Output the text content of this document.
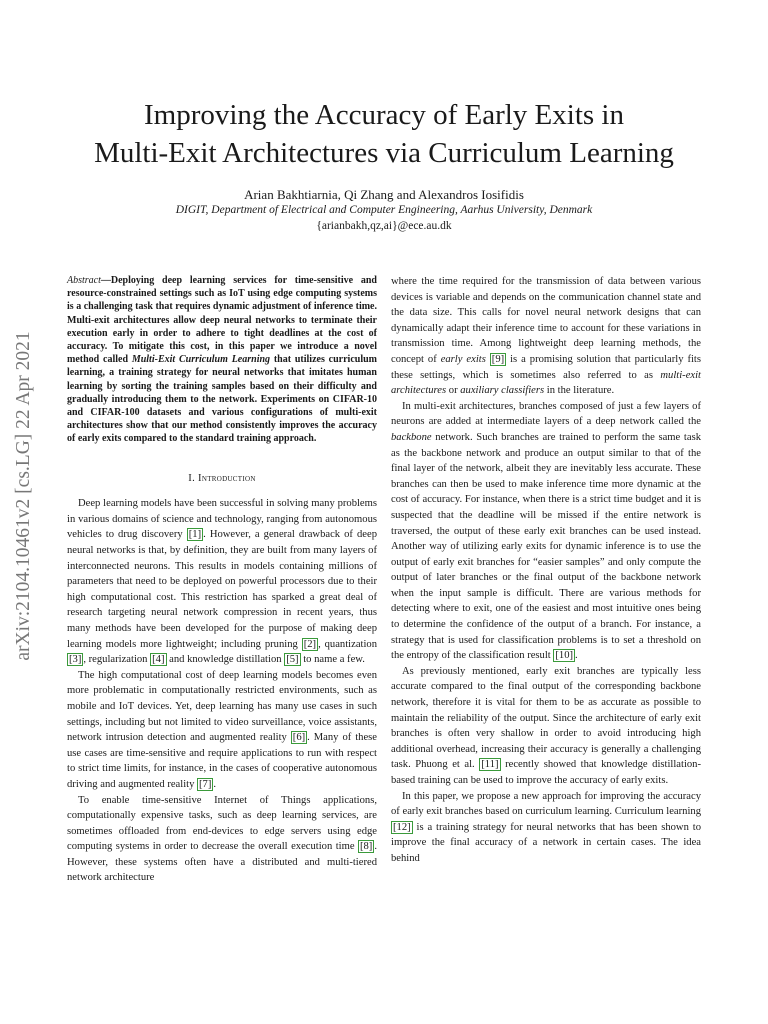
Improving the Accuracy of Early Exits in
Multi-Exit Architectures via Curriculum Learning
Arian Bakhtiarnia, Qi Zhang and Alexandros Iosifidis
DIGIT, Department of Electrical and Computer Engineering, Aarhus University, Denmark
{arianbakh,qz,ai}@ece.au.dk
arXiv:2104.10461v2 [cs.LG] 22 Apr 2021
Abstract—Deploying deep learning services for time-sensitive and resource-constrained settings such as IoT using edge computing systems is a challenging task that requires dynamic adjustment of inference time. Multi-exit architectures allow deep neural networks to terminate their execution early in order to adhere to tight deadlines at the cost of accuracy. To mitigate this cost, in this paper we introduce a novel method called Multi-Exit Curriculum Learning that utilizes curriculum learning, a training strategy for neural networks that imitates human learning by sorting the training samples based on their difficulty and gradually introducing them to the network. Experiments on CIFAR-10 and CIFAR-100 datasets and various configurations of multi-exit architectures show that our method consistently improves the accuracy of early exits compared to the standard training approach.
I. Introduction

Deep learning models have been successful in solving many problems in various domains of science and technology, ranging from autonomous vehicles to drug discovery [1] . However, a general drawback of deep neural networks is that, by definition, they are built from many layers of interconnected neurons. This results in models containing millions of parameters that need to be deployed on powerful processors due to their high computational cost. This restriction has sparked a great deal of research targeting neural network compression in recent years, thus many methods have been developed for the purpose of making deep learning models more lightweight; including pruning [2] , quantization [3] , regularization [4] and knowledge distillation [5] to name a few.

The high computational cost of deep learning models becomes even more problematic in computationally restricted environments, such as mobile and IoT devices. Yet, deep learning has many use cases in such settings, including but not limited to video surveillance, voice assistants, network intrusion detection and augmented reality [6] . Many of these use cases are time-sensitive and require applications to run with respect to strict time limits, for instance, in the cases of cooperative autonomous driving and augmented reality [7] .

To enable time-sensitive Internet of Things applications, computationally expensive tasks, such as deep learning services, are sometimes offloaded from end-devices to edge servers using edge computing systems in order to decrease the overall execution time [8] . However, these systems often have a distributed and multi-tiered network architecture

where the time required for the transmission of data between various devices is variable and depends on the communication channel state and the data size. This calls for novel neural network designs that can dynamically adapt their inference time to account for these variations in transmission time. Among lightweight deep learning methods, the concept of early exits [9] is a promising solution that particularly fits these settings, which is sometimes also referred to as multi-exit architectures or auxiliary classifiers in the literature.

In multi-exit architectures, branches composed of just a few layers of neurons are added at intermediate layers of a deep network called the backbone network. Such branches are trained to perform the same task as the backbone network and produce an output similar to that of the final layer of the network, albeit they are inevitably less accurate. These branches can then be used to make inference time more dynamic at the cost of accuracy. For instance, when there is a strict time budget and it is suspected that the deadline will be missed if the entire network is traversed, the output of these early exit branches can be used instead. Another way of utilizing early exits for dynamic inference is to use the output of early exit branches for “easier samples” and only compute the output of later branches or the final output of the backbone network when the input sample is difficult. There are various methods for detecting where to exit, one of the easiest and most intuitive ones being to determine the confidence of the output of a branch. For instance, a strategy that is used for classification problems is to set a threshold on the entropy of the classification result [10] .

As previously mentioned, early exit branches are typically less accurate compared to the final output of the corresponding backbone network, therefore it is vital for them to be as accurate as possible to maintain the reliability of the output. Since the architecture of early exit branches is often very shallow in order to avoid introducing high additional overhead, increasing their accuracy is generally a challenging task. Phuong et al. [11] recently showed that knowledge distillation-based training can be used to improve the accuracy of early exits.

In this paper, we propose a new approach for improving the accuracy of early exit branches based on curriculum learning. Curriculum learning [12] is a training strategy for neural networks that has been shown to improve the final accuracy of a network in certain cases. The idea behind
